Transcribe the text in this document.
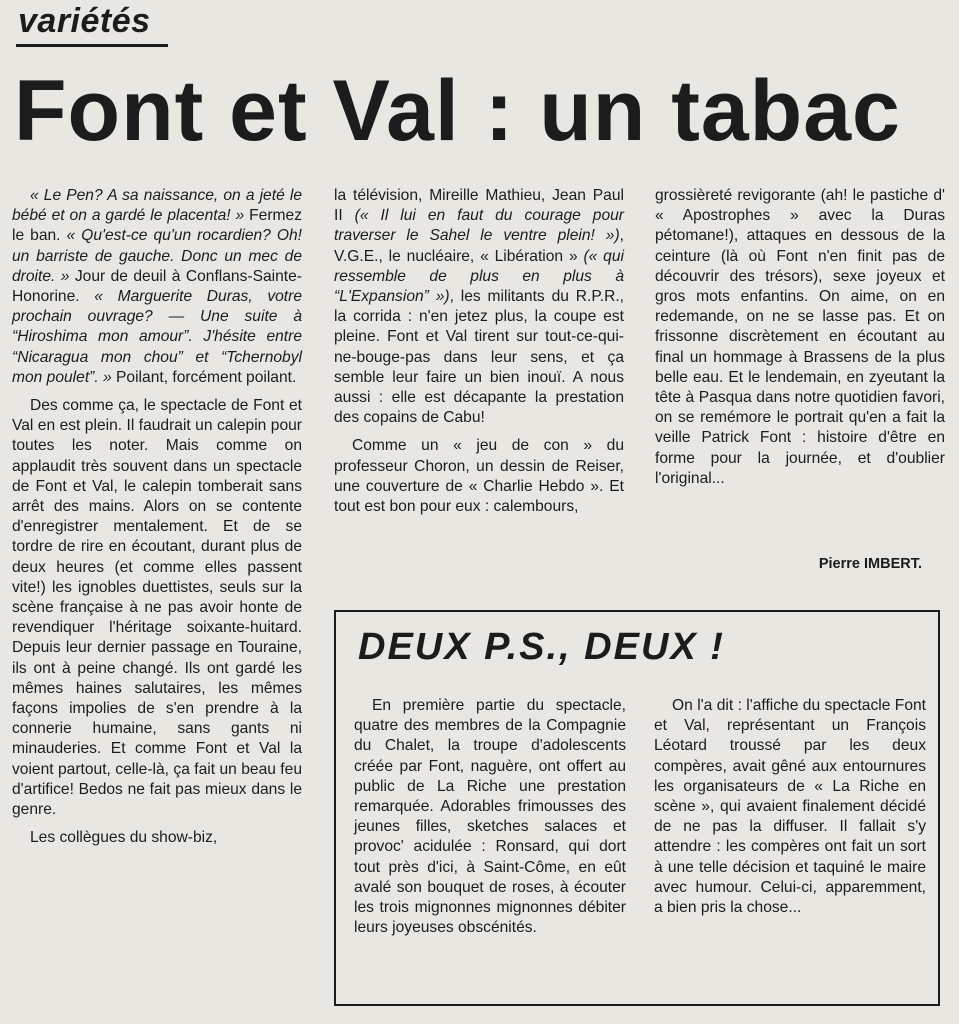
variétés
Font et Val : un tabac

« Le Pen? A sa naissance, on a jeté le bébé et on a gardé le placenta! » Fermez le ban. « Qu'est-ce qu'un rocardien? Oh! un barriste de gauche. Donc un mec de droite. » Jour de deuil à Conflans-Sainte-Honorine. « Marguerite Duras, votre prochain ouvrage? — Une suite à “Hiroshima mon amour”. J'hésite entre “Nicaragua mon chou” et “Tchernobyl mon poulet”. » Poilant, forcément poilant.

Des comme ça, le spectacle de Font et Val en est plein. Il faudrait un calepin pour toutes les noter. Mais comme on applaudit très souvent dans un spectacle de Font et Val, le calepin tomberait sans arrêt des mains. Alors on se contente d'enregistrer mentalement. Et de se tordre de rire en écoutant, durant plus de deux heures (et comme elles passent vite!) les ignobles duettistes, seuls sur la scène française à ne pas avoir honte de revendiquer l'héritage soixante-huitard. Depuis leur dernier passage en Touraine, ils ont à peine changé. Ils ont gardé les mêmes haines salutaires, les mêmes façons impolies de s'en prendre à la connerie humaine, sans gants ni minauderies. Et comme Font et Val la voient partout, celle-là, ça fait un beau feu d'artifice! Bedos ne fait pas mieux dans le genre.

Les collègues du show-biz,

la télévision, Mireille Mathieu, Jean Paul II (« Il lui en faut du courage pour traverser le Sahel le ventre plein! »), V.G.E., le nucléaire, « Libération » (« qui ressemble de plus en plus à “L'Expansion” »), les militants du R.P.R., la corrida : n'en jetez plus, la coupe est pleine. Font et Val tirent sur tout-ce-qui-ne-bouge-pas dans leur sens, et ça semble leur faire un bien inouï. A nous aussi : elle est décapante la prestation des copains de Cabu!

Comme un « jeu de con » du professeur Choron, un dessin de Reiser, une couverture de « Charlie Hebdo ». Et tout est bon pour eux : calembours,

grossièreté revigorante (ah! le pastiche d' « Apostrophes » avec la Duras pétomane!), attaques en dessous de la ceinture (là où Font n'en finit pas de découvrir des trésors), sexe joyeux et gros mots enfantins. On aime, on en redemande, on ne se lasse pas. Et on frissonne discrètement en écoutant au final un hommage à Brassens de la plus belle eau. Et le lendemain, en zyeutant la tête à Pasqua dans notre quotidien favori, on se remémore le portrait qu'en a fait la veille Patrick Font : histoire d'être en forme pour la journée, et d'oublier l'original...

Pierre IMBERT.
DEUX P.S., DEUX !

En première partie du spectacle, quatre des membres de la Compagnie du Chalet, la troupe d'adolescents créée par Font, naguère, ont offert au public de La Riche une prestation remarquée. Adorables frimousses des jeunes filles, sketches salaces et provoc' acidulée : Ronsard, qui dort tout près d'ici, à Saint-Côme, en eût avalé son bouquet de roses, à écouter les trois mignonnes mignonnes débiter leurs joyeuses obscénités.

On l'a dit : l'affiche du spectacle Font et Val, représentant un François Léotard troussé par les deux compères, avait gêné aux entournures les organisateurs de « La Riche en scène », qui avaient finalement décidé de ne pas la diffuser. Il fallait s'y attendre : les compères ont fait un sort à une telle décision et taquiné le maire avec humour. Celui-ci, apparemment, a bien pris la chose...
